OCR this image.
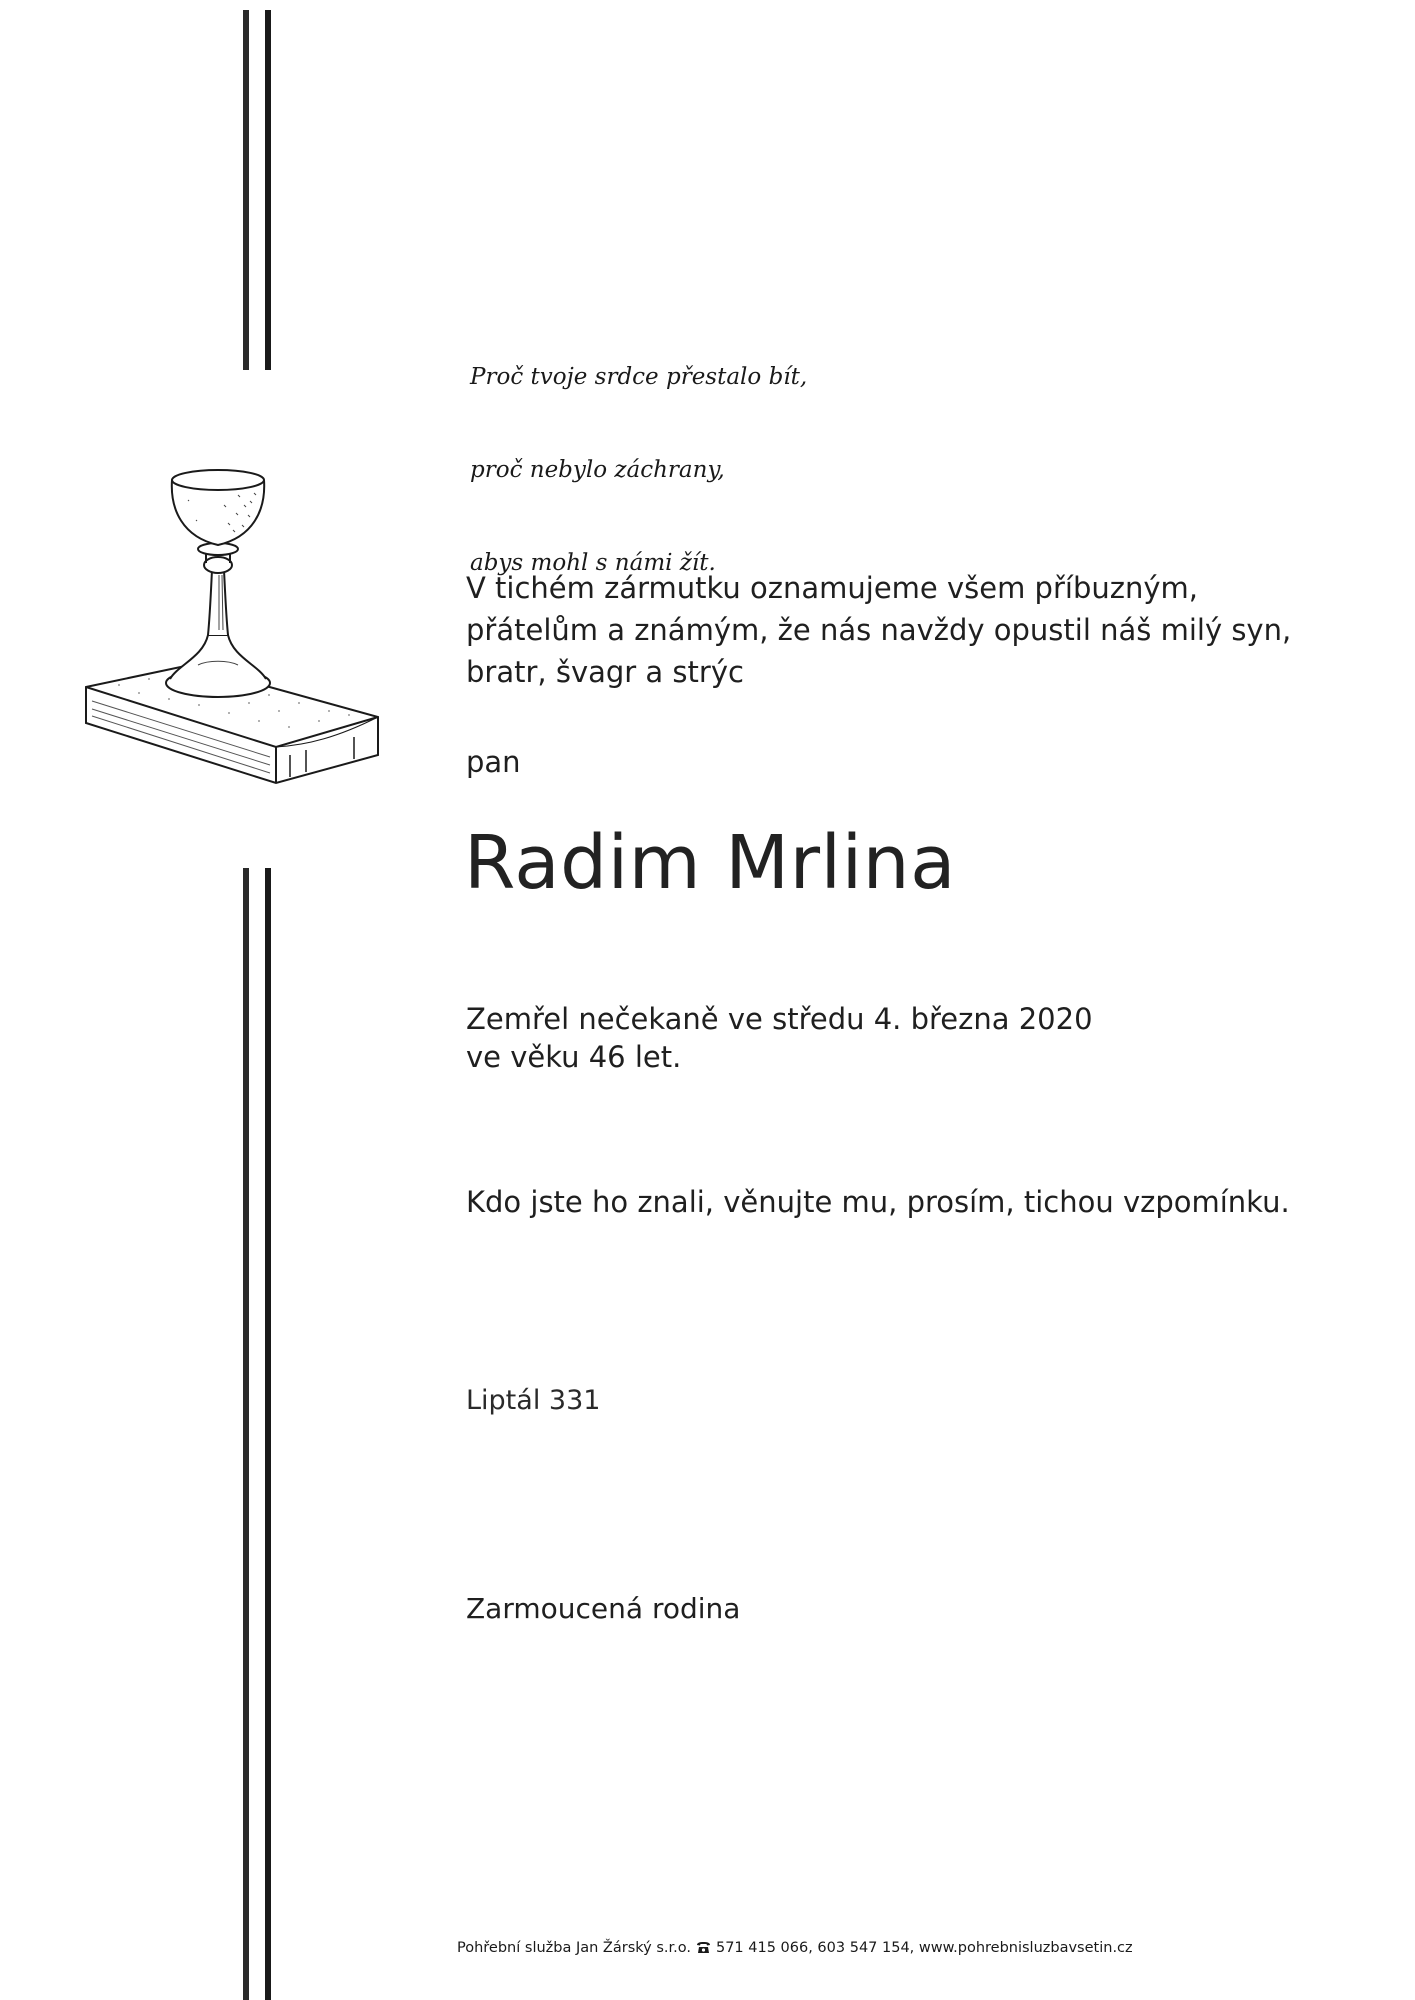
Proč tvoje srdce přestalo bít,

proč nebylo záchrany,

abys mohl s námi žít.

V tichém zármutku oznamujeme všem příbuzným,
přátelům a známým, že nás navždy opustil náš milý syn,
bratr, švagr a strýc
pan
Radim Mrlina
Zemřel nečekaně ve středu 4. března 2020
ve věku 46 let.
Kdo jste ho znali, věnujte mu, prosím, tichou vzpomínku.
Liptál 331
Zarmoucená rodina
Pohřební služba Jan Žárský s.r.o. 571 415 066, 603 547 154, www.pohrebnisluzbavsetin.cz
